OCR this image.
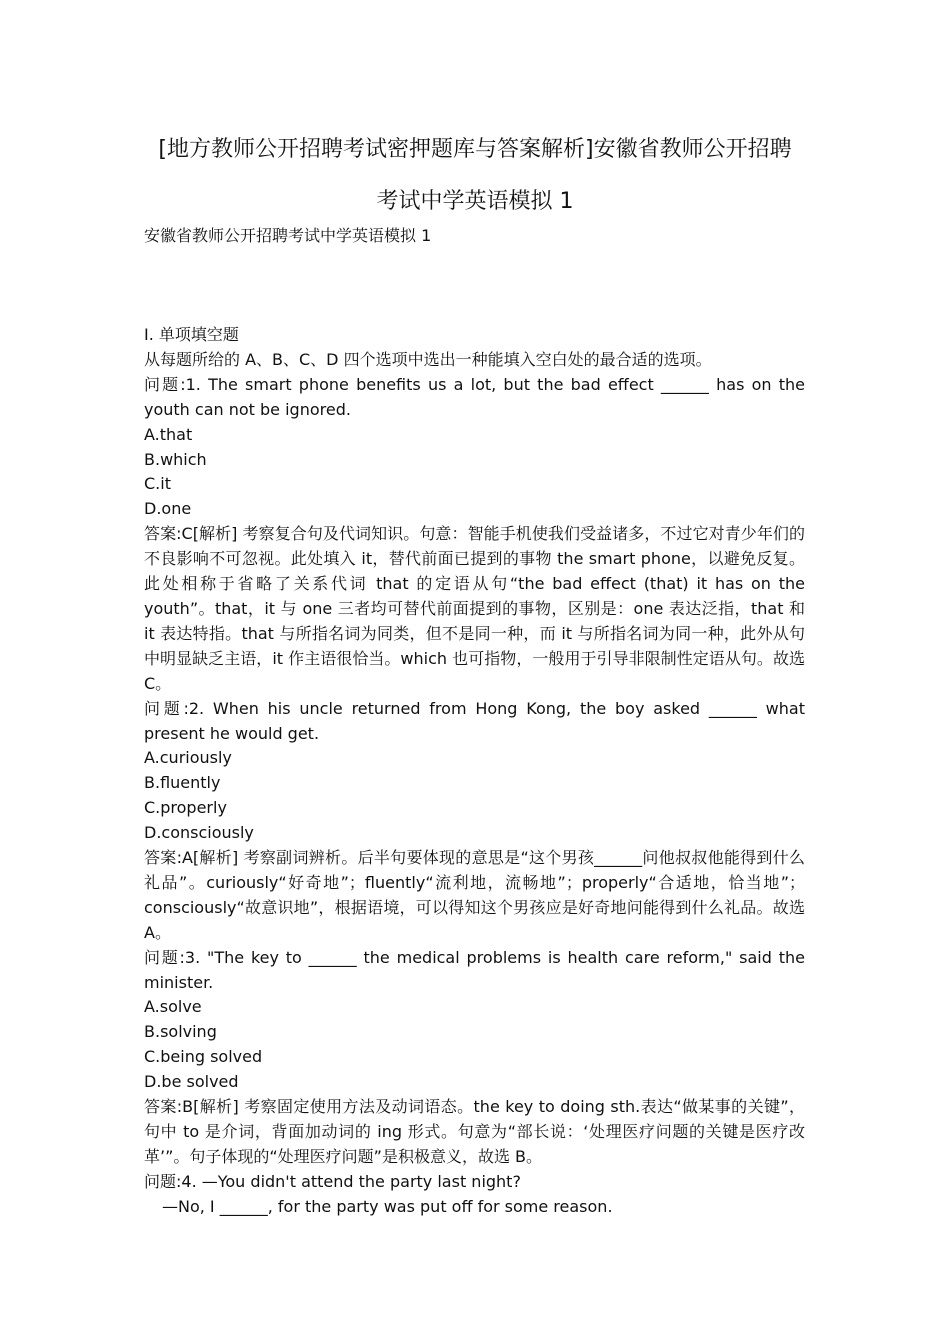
[地方教师公开招聘考试密押题库与答案解析]安徽省教师公开招聘
考试中学英语模拟 1
安徽省教师公开招聘考试中学英语模拟 1

Ⅰ. 单项填空题

从每题所给的 A、B、C、D 四个选项中选出一种能填入空白处的最合适的选项。

问题:1. The smart phone benefits us a lot, but the bad effect ______ has on the youth can not be ignored.

A.that

B.which

C.it

D.one

答案:C[解析] 考察复合句及代词知识。句意：智能手机使我们受益诸多，不过它对青少年们的不良影响不可忽视。此处填入 it，替代前面已提到的事物 the smart phone，以避免反复。此处相称于省略了关系代词 that 的定语从句“the bad effect (that) it has on the youth”。that，it 与 one 三者均可替代前面提到的事物，区别是：one 表达泛指，that 和 it 表达特指。that 与所指名词为同类，但不是同一种，而 it 与所指名词为同一种，此外从句中明显缺乏主语，it 作主语很恰当。which 也可指物，一般用于引导非限制性定语从句。故选 C。

问题:2. When his uncle returned from Hong Kong, the boy asked ______ what present he would get.

A.curiously

B.fluently

C.properly

D.consciously

答案:A[解析] 考察副词辨析。后半句要体现的意思是“这个男孩______问他叔叔他能得到什么礼品”。curiously“好奇地”；fluently“流利地，流畅地”；properly“合适地，恰当地”；consciously“故意识地”，根据语境，可以得知这个男孩应是好奇地问能得到什么礼品。故选 A。

问题:3. "The key to ______ the medical problems is health care reform," said the minister.

A.solve

B.solving

C.being solved

D.be solved

答案:B[解析] 考察固定使用方法及动词语态。the key to doing sth.表达“做某事的关键”，句中 to 是介词，背面加动词的 ing 形式。句意为“部长说：‘处理医疗问题的关键是医疗改革’”。句子体现的“处理医疗问题”是积极意义，故选 B。

问题:4. —You didn't attend the party last night?

—No, I ______, for the party was put off for some reason.
